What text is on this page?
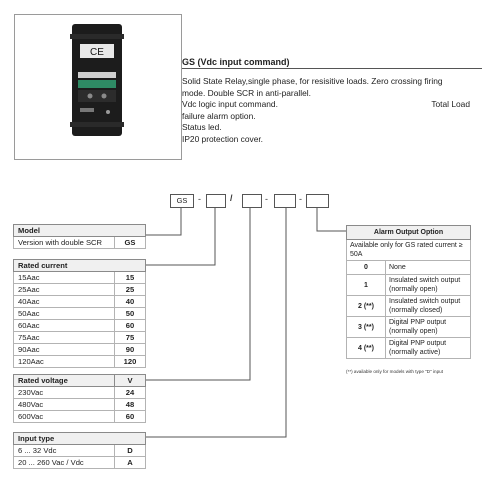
CE
GS (Vdc input command)
Solid State Relay,single phase, for resisitive loads. Zero crossing firing
mode. Double SCR in anti-parallel.
Vdc logic input command.	Total Load
failure alarm option.
Status led.
IP20 protection cover.
GS	-	/	-	-
Model
Version with double SCR	GS
Rated current	
15Aac	15
25Aac	25
40Aac	40
50Aac	50
60Aac	60
75Aac	75
90Aac	90
120Aac	120
Rated voltage	V
230Vac	24
480Vac	48
600Vac	60
Input type	
6 ... 32 Vdc	D
20 ... 260 Vac / Vdc	A
Alarm Output Option	
Available only for GS rated current ≥ 50A	
0	None
1	Insulated switch output (normally open)
2 (**)	Insulated switch output (normally closed)
3 (**)	Digital PNP output (normally open)
4 (**)	Digital PNP output (normally active)
(**) available only for models with type "D" input
